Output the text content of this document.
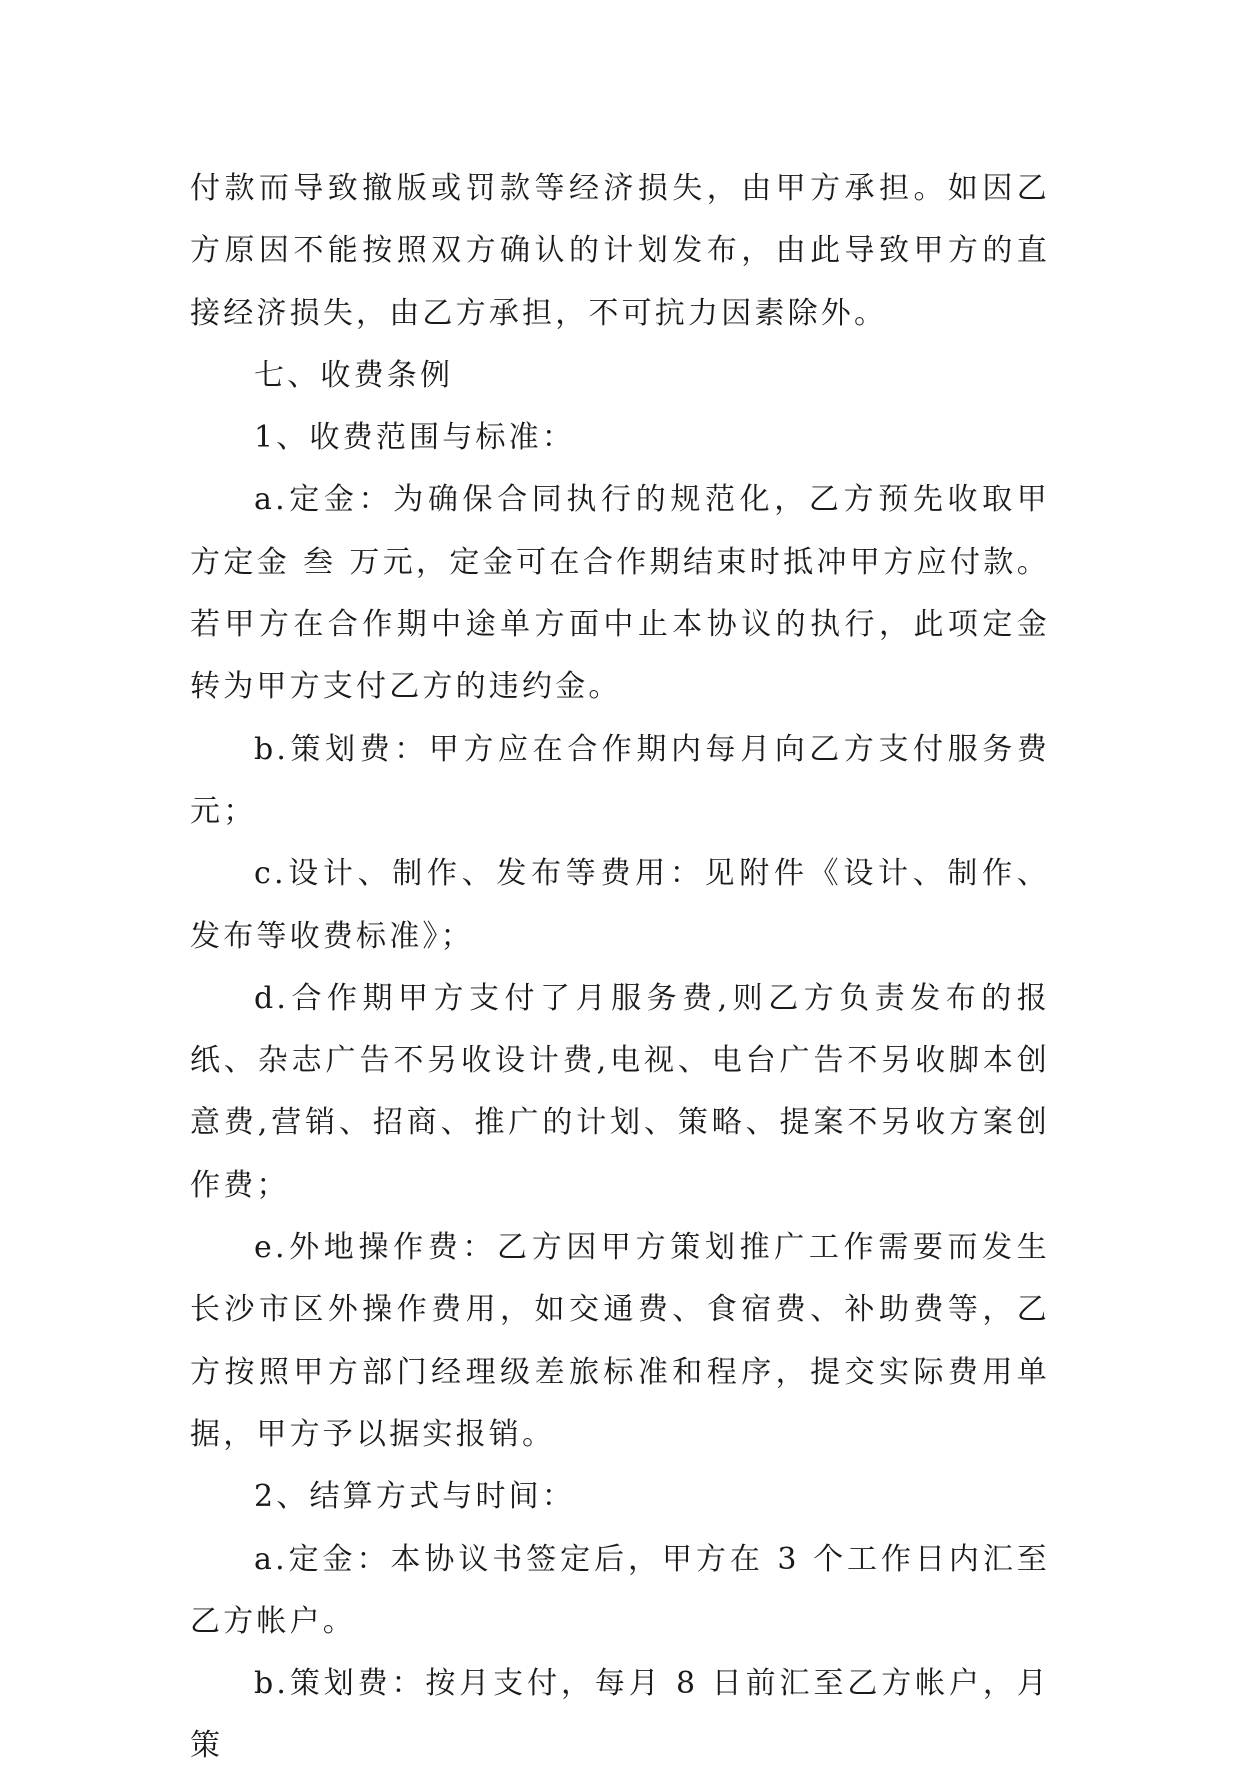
付款而导致撤版或罚款等经济损失，由甲方承担。如因乙方原因不能按照双方确认的计划发布，由此导致甲方的直接经济损失，由乙方承担，不可抗力因素除外。

七、收费条例

1、收费范围与标准：

a.定金：为确保合同执行的规范化，乙方预先收取甲方定金 叁 万元，定金可在合作期结束时抵冲甲方应付款。若甲方在合作期中途单方面中止本协议的执行，此项定金转为甲方支付乙方的违约金。

b.策划费：甲方应在合作期内每月向乙方支付服务费元；

c.设计、制作、发布等费用：见附件《设计、制作、发布等收费标准》；

d.合作期甲方支付了月服务费,则乙方负责发布的报纸、杂志广告不另收设计费,电视、电台广告不另收脚本创意费,营销、招商、推广的计划、策略、提案不另收方案创作费；

e.外地操作费：乙方因甲方策划推广工作需要而发生长沙市区外操作费用，如交通费、食宿费、补助费等，乙方按照甲方部门经理级差旅标准和程序，提交实际费用单据，甲方予以据实报销。

2、结算方式与时间：

a.定金：本协议书签定后，甲方在 3 个工作日内汇至乙方帐户。

b.策划费：按月支付，每月 8 日前汇至乙方帐户，月策
